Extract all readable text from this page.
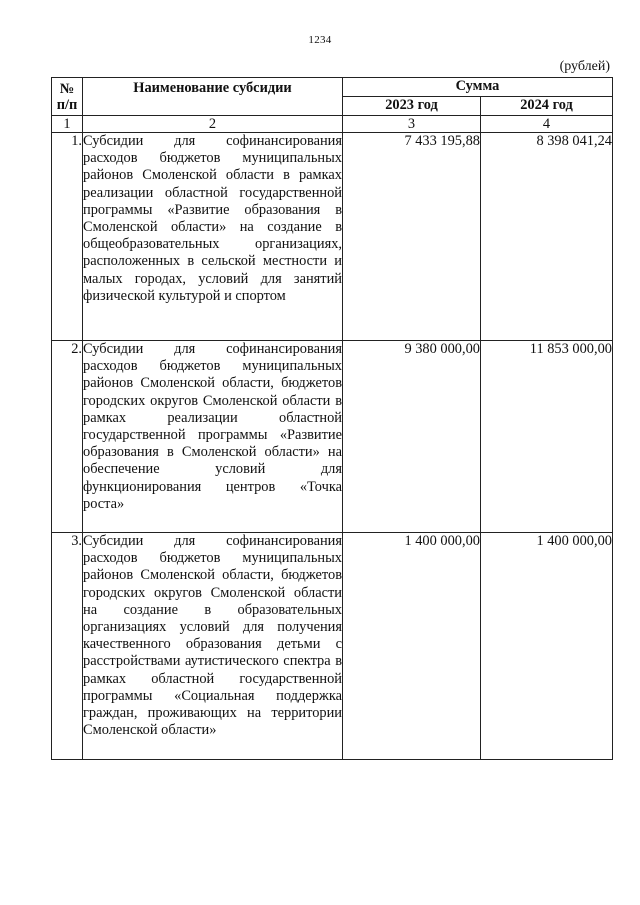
1234
(рублей)
№ п/п	Наименование субсидии	Сумма	
		2023 год	2024 год
1	2	3	4
1.	Субсидии для софинансирования расходов бюджетов муниципальных районов Смоленской области в рамках реализации областной государственной программы «Развитие образования в Смоленской области» на создание в общеобразовательных организациях, расположенных в сельской местности и малых городах, условий для занятий физической культурой и спортом	7 433 195,88	8 398 041,24
2.	Субсидии для софинансирования расходов бюджетов муниципальных районов Смоленской области, бюджетов городских округов Смоленской области в рамках реализации областной государственной программы «Развитие образования в Смоленской области» на обеспечение условий для функционирования центров «Точка роста»	9 380 000,00	11 853 000,00
3.	Субсидии для софинансирования расходов бюджетов муниципальных районов Смоленской области, бюджетов городских округов Смоленской области на создание в образовательных организациях условий для получения качественного образования детьми с расстройствами аутистического спектра в рамках областной государственной программы «Социальная поддержка граждан, проживающих на территории Смоленской области»	1 400 000,00	1 400 000,00
